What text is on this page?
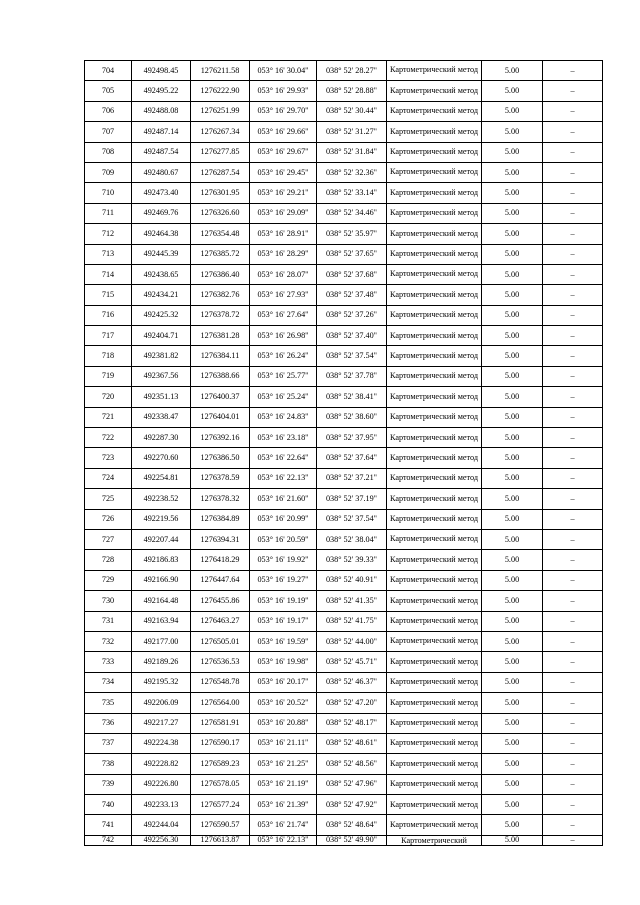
704	492498.45	1276211.58	053° 16' 30.04"	038° 52' 28.27"	Картометрический метод	5.00	–
705	492495.22	1276222.90	053° 16' 29.93"	038° 52' 28.88"	Картометрический метод	5.00	–
706	492488.08	1276251.99	053° 16' 29.70"	038° 52' 30.44"	Картометрический метод	5.00	–
707	492487.14	1276267.34	053° 16' 29.66"	038° 52' 31.27"	Картометрический метод	5.00	–
708	492487.54	1276277.85	053° 16' 29.67"	038° 52' 31.84"	Картометрический метод	5.00	–
709	492480.67	1276287.54	053° 16' 29.45"	038° 52' 32.36"	Картометрический метод	5.00	–
710	492473.40	1276301.95	053° 16' 29.21"	038° 52' 33.14"	Картометрический метод	5.00	–
711	492469.76	1276326.60	053° 16' 29.09"	038° 52' 34.46"	Картометрический метод	5.00	–
712	492464.38	1276354.48	053° 16' 28.91"	038° 52' 35.97"	Картометрический метод	5.00	–
713	492445.39	1276385.72	053° 16' 28.29"	038° 52' 37.65"	Картометрический метод	5.00	–
714	492438.65	1276386.40	053° 16' 28.07"	038° 52' 37.68"	Картометрический метод	5.00	–
715	492434.21	1276382.76	053° 16' 27.93"	038° 52' 37.48"	Картометрический метод	5.00	–
716	492425.32	1276378.72	053° 16' 27.64"	038° 52' 37.26"	Картометрический метод	5.00	–
717	492404.71	1276381.28	053° 16' 26.98"	038° 52' 37.40"	Картометрический метод	5.00	–
718	492381.82	1276384.11	053° 16' 26.24"	038° 52' 37.54"	Картометрический метод	5.00	–
719	492367.56	1276388.66	053° 16' 25.77"	038° 52' 37.78"	Картометрический метод	5.00	–
720	492351.13	1276400.37	053° 16' 25.24"	038° 52' 38.41"	Картометрический метод	5.00	–
721	492338.47	1276404.01	053° 16' 24.83"	038° 52' 38.60"	Картометрический метод	5.00	–
722	492287.30	1276392.16	053° 16' 23.18"	038° 52' 37.95"	Картометрический метод	5.00	–
723	492270.60	1276386.50	053° 16' 22.64"	038° 52' 37.64"	Картометрический метод	5.00	–
724	492254.81	1276378.59	053° 16' 22.13"	038° 52' 37.21"	Картометрический метод	5.00	–
725	492238.52	1276378.32	053° 16' 21.60"	038° 52' 37.19"	Картометрический метод	5.00	–
726	492219.56	1276384.89	053° 16' 20.99"	038° 52' 37.54"	Картометрический метод	5.00	–
727	492207.44	1276394.31	053° 16' 20.59"	038° 52' 38.04"	Картометрический метод	5.00	–
728	492186.83	1276418.29	053° 16' 19.92"	038° 52' 39.33"	Картометрический метод	5.00	–
729	492166.90	1276447.64	053° 16' 19.27"	038° 52' 40.91"	Картометрический метод	5.00	–
730	492164.48	1276455.86	053° 16' 19.19"	038° 52' 41.35"	Картометрический метод	5.00	–
731	492163.94	1276463.27	053° 16' 19.17"	038° 52' 41.75"	Картометрический метод	5.00	–
732	492177.00	1276505.01	053° 16' 19.59"	038° 52' 44.00"	Картометрический метод	5.00	–
733	492189.26	1276536.53	053° 16' 19.98"	038° 52' 45.71"	Картометрический метод	5.00	–
734	492195.32	1276548.78	053° 16' 20.17"	038° 52' 46.37"	Картометрический метод	5.00	–
735	492206.09	1276564.00	053° 16' 20.52"	038° 52' 47.20"	Картометрический метод	5.00	–
736	492217.27	1276581.91	053° 16' 20.88"	038° 52' 48.17"	Картометрический метод	5.00	–
737	492224.38	1276590.17	053° 16' 21.11"	038° 52' 48.61"	Картометрический метод	5.00	–
738	492228.82	1276589.23	053° 16' 21.25"	038° 52' 48.56"	Картометрический метод	5.00	–
739	492226.80	1276578.05	053° 16' 21.19"	038° 52' 47.96"	Картометрический метод	5.00	–
740	492233.13	1276577.24	053° 16' 21.39"	038° 52' 47.92"	Картометрический метод	5.00	–
741	492244.04	1276590.57	053° 16' 21.74"	038° 52' 48.64"	Картометрический метод	5.00	–
742	492256.30	1276613.87	053° 16' 22.13"	038° 52' 49.90"	Картометрический	5.00	–
